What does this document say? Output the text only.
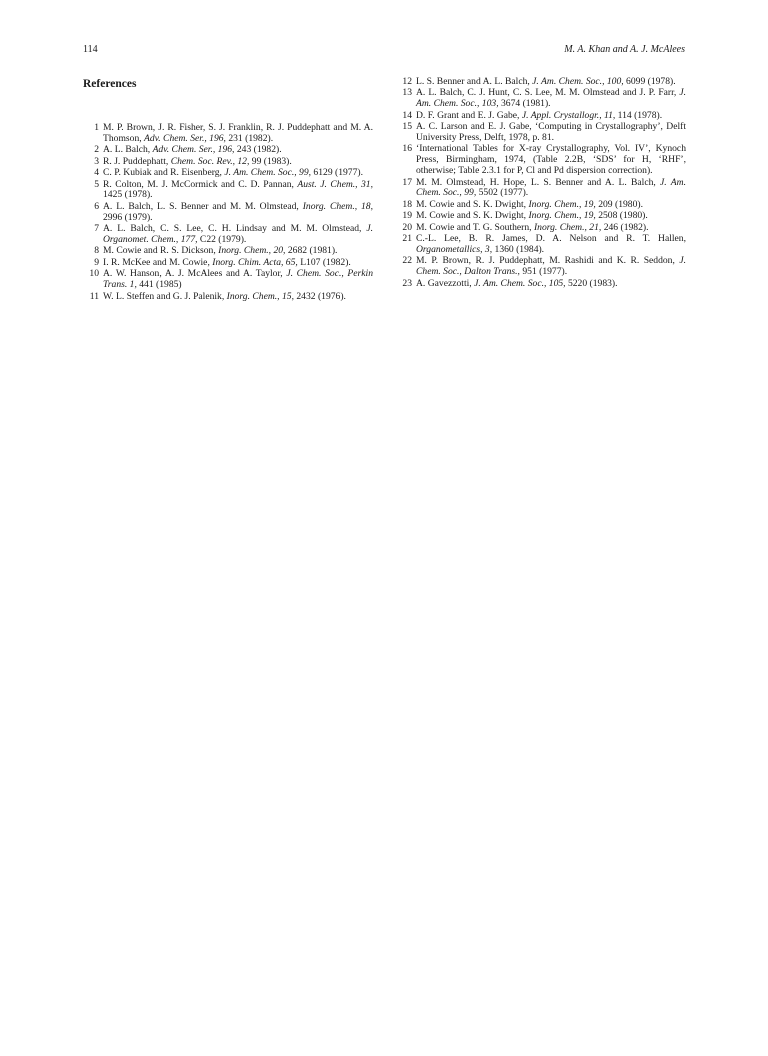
114	M. A. Khan and A. J. McAlees
References
1 M. P. Brown, J. R. Fisher, S. J. Franklin, R. J. Puddephatt and M. A. Thomson, Adv. Chem. Ser., 196, 231 (1982).
2 A. L. Balch, Adv. Chem. Ser., 196, 243 (1982).
3 R. J. Puddephatt, Chem. Soc. Rev., 12, 99 (1983).
4 C. P. Kubiak and R. Eisenberg, J. Am. Chem. Soc., 99, 6129 (1977).
5 R. Colton, M. J. McCormick and C. D. Pannan, Aust. J. Chem., 31, 1425 (1978).
6 A. L. Balch, L. S. Benner and M. M. Olmstead, Inorg. Chem., 18, 2996 (1979).
7 A. L. Balch, C. S. Lee, C. H. Lindsay and M. M. Olmstead, J. Organomet. Chem., 177, C22 (1979).
8 M. Cowie and R. S. Dickson, Inorg. Chem., 20, 2682 (1981).
9 I. R. McKee and M. Cowie, Inorg. Chim. Acta, 65, L107 (1982).
10 A. W. Hanson, A. J. McAlees and A. Taylor, J. Chem. Soc., Perkin Trans. 1, 441 (1985)
11 W. L. Steffen and G. J. Palenik, Inorg. Chem., 15, 2432 (1976).
12 L. S. Benner and A. L. Balch, J. Am. Chem. Soc., 100, 6099 (1978).
13 A. L. Balch, C. J. Hunt, C. S. Lee, M. M. Olmstead and J. P. Farr, J. Am. Chem. Soc., 103, 3674 (1981).
14 D. F. Grant and E. J. Gabe, J. Appl. Crystallogr., 11, 114 (1978).
15 A. C. Larson and E. J. Gabe, ‘Computing in Crystallography’, Delft University Press, Delft, 1978, p. 81.
16 ‘International Tables for X-ray Crystallography, Vol. IV’, Kynoch Press, Birmingham, 1974, (Table 2.2B, ‘SDS’ for H, ‘RHF’, otherwise; Table 2.3.1 for P, Cl and Pd dispersion correction).
17 M. M. Olmstead, H. Hope, L. S. Benner and A. L. Balch, J. Am. Chem. Soc., 99, 5502 (1977).
18 M. Cowie and S. K. Dwight, Inorg. Chem., 19, 209 (1980).
19 M. Cowie and S. K. Dwight, Inorg. Chem., 19, 2508 (1980).
20 M. Cowie and T. G. Southern, Inorg. Chem., 21, 246 (1982).
21 C.-L. Lee, B. R. James, D. A. Nelson and R. T. Hallen, Organometallics, 3, 1360 (1984).
22 M. P. Brown, R. J. Puddephatt, M. Rashidi and K. R. Seddon, J. Chem. Soc., Dalton Trans., 951 (1977).
23 A. Gavezzotti, J. Am. Chem. Soc., 105, 5220 (1983).
